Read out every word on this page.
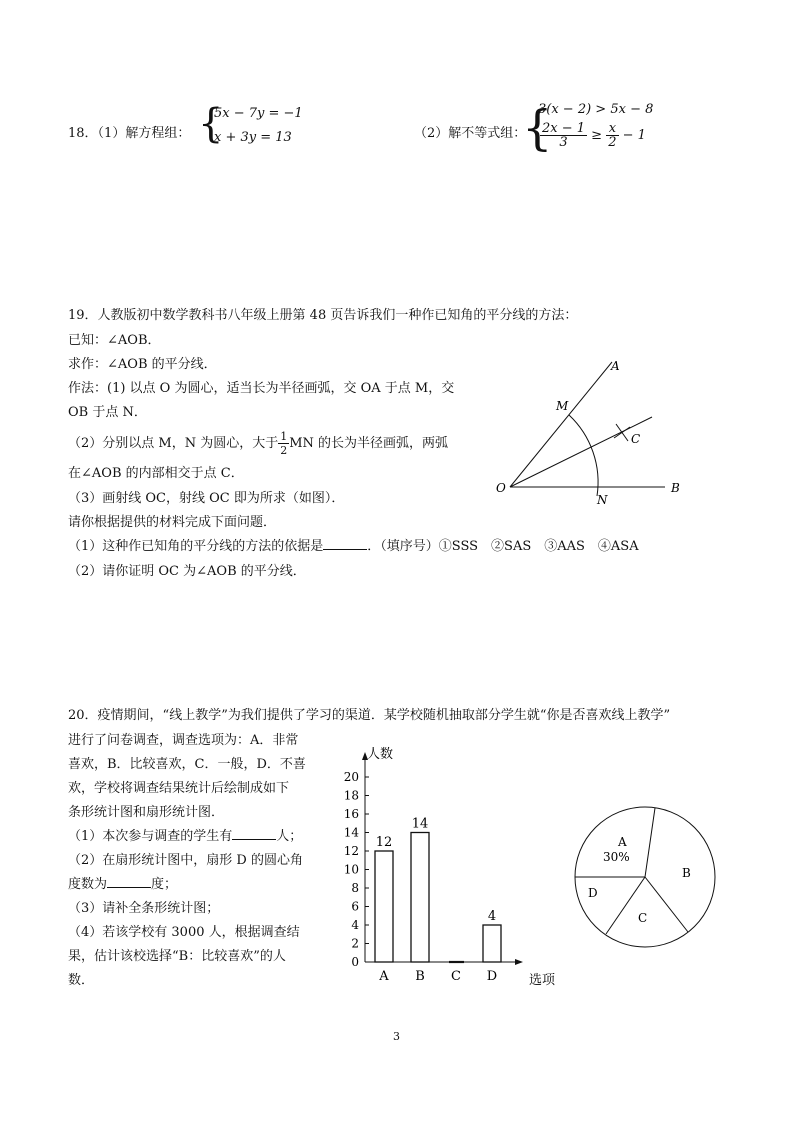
18．（1）解方程组： {
5x − 7y = −1
x + 3y = 13	（2）解不等式组：
{
3(x − 2) > 5x − 8
$\frac{2x - 1}{3} \ge \frac{x}{2} - 1$
19．人教版初中数学教科书八年级上册第 48 页告诉我们一种作已知角的平分线的方法：
已知：∠AOB．
求作：∠AOB 的平分线．
作法：(1) 以点 O 为圆心，适当长为半径画弧，交 OA 于点 M，交
OB 于点 N．
（2）分别以点 M，N 为圆心，大于 $\frac{1}{2}$ MN 的长为半径画弧，两弧
在∠AOB 的内部相交于点 C．
（3）画射线 OC，射线 OC 即为所求（如图）．
请你根据提供的材料完成下面问题．
（1）这种作已知角的平分线的方法的依据是	．（填序号）①SSS　②SAS　③AAS　④ASA
（2）请你证明 OC 为∠AOB 的平分线．
A
M
C
O
N
B
20．疫情期间，“线上教学”为我们提供了学习的渠道．某学校随机抽取部分学生就“你是否喜欢线上教学”
进行了问卷调查，调查选项为：A．非常
喜欢，B．比较喜欢，C．一般，D．不喜
欢，学校将调查结果统计后绘制成如下
条形统计图和扇形统计图．
（1）本次参与调查的学生有	人；
（2）在扇形统计图中，扇形 D 的圆心角
度数为	度；
（3）请补全条形统计图；
（4）若该学校有 3000 人，根据调查结
果，估计该校选择“B：比较喜欢”的人
数．
人数
选项
0
2
4
6
8
10
12
14
16
18
20
12
A
14
B C
4
D
A
30%
B
C
D
3
